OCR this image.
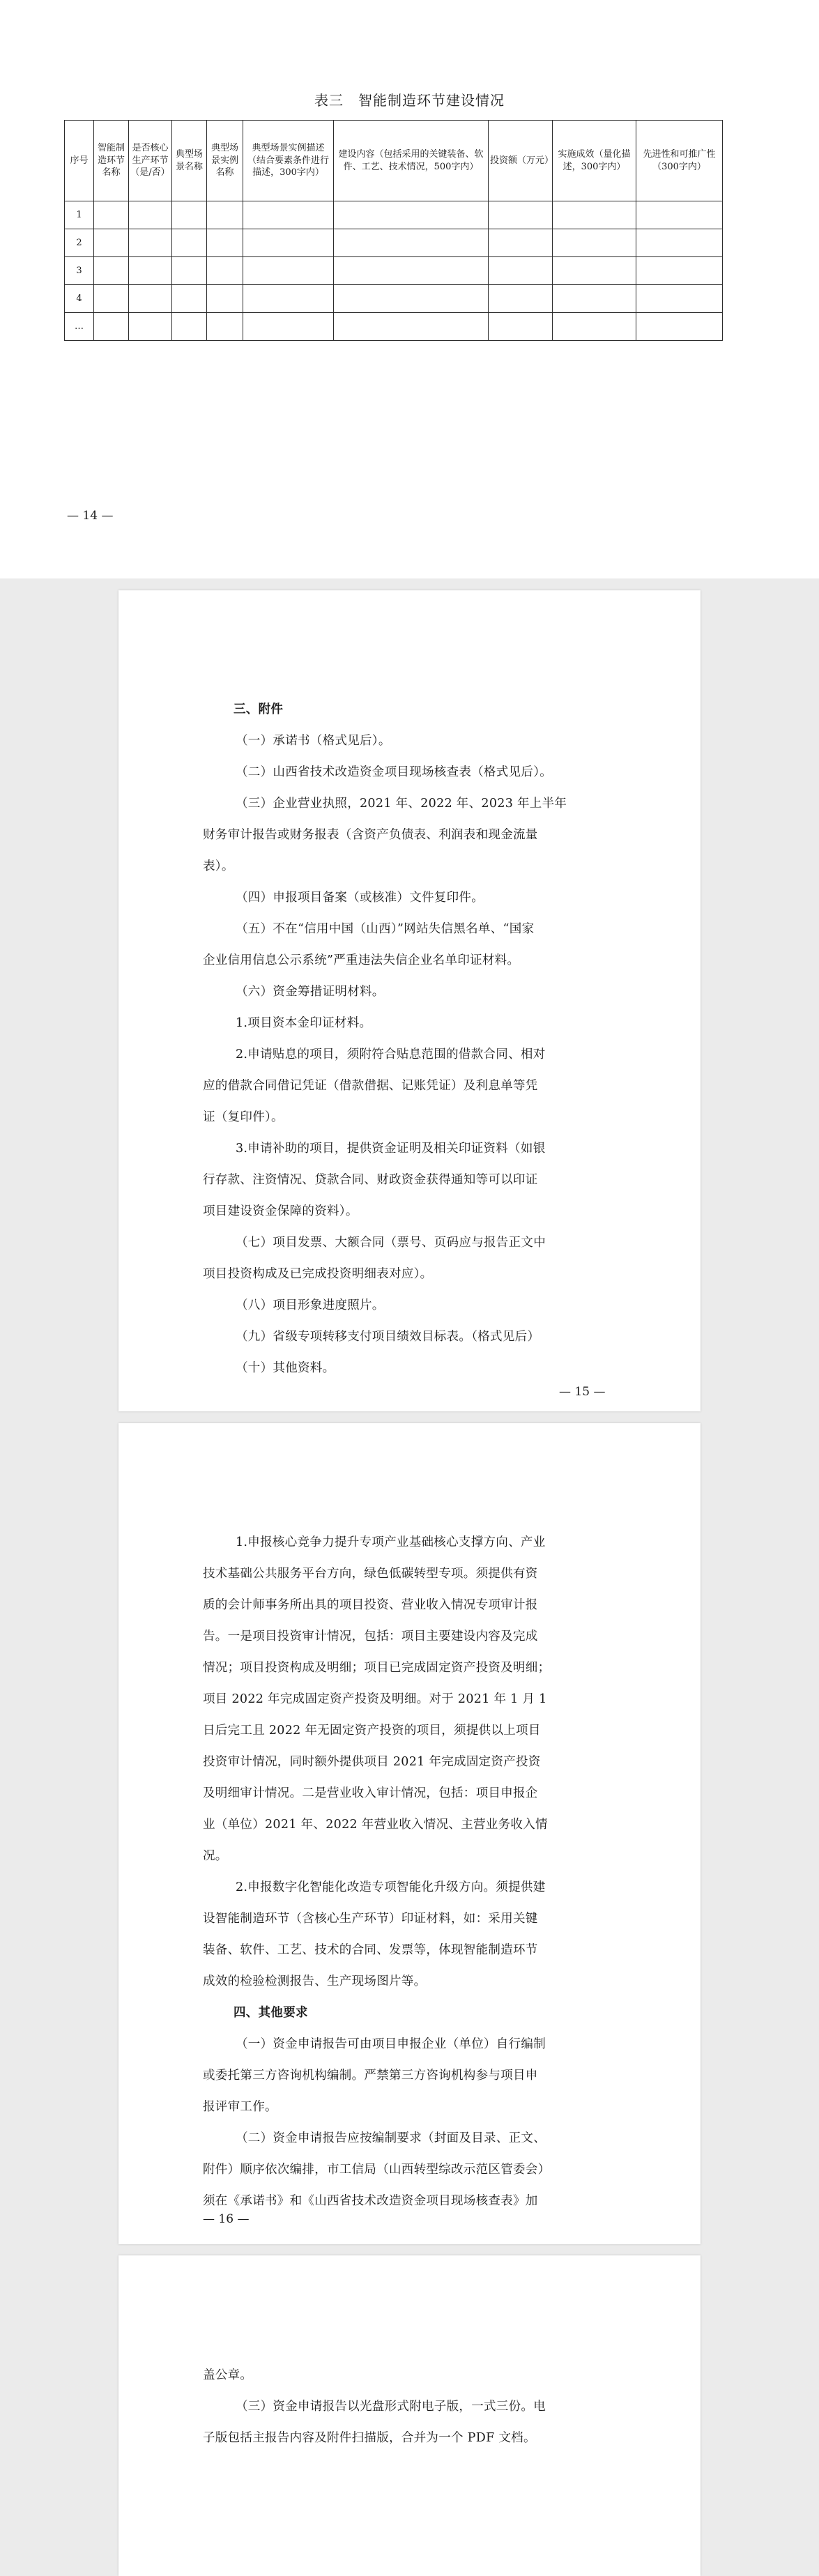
表三　智能制造环节建设情况
序号	智能制造环节名称	是否核心生产环节（是/否）	典型场景名称	典型场景实例名称	典型场景实例描述（结合要素条件进行描述，300字内）	建设内容（包括采用的关键装备、软件、工艺、技术情况，500字内）	投资额（万元）	实施成效（量化描述，300字内）	先进性和可推广性（300字内）
1									
2									
3									
4									
…									
— 14 —
三、附件
（一）承诺书（格式见后）。
（二）山西省技术改造资金项目现场核查表（格式见后）。
（三）企业营业执照，2021 年、2022 年、2023 年上半年
财务审计报告或财务报表（含资产负债表、利润表和现金流量
表）。
（四）申报项目备案（或核准）文件复印件。
（五）不在“信用中国（山西）”网站失信黑名单、“国家
企业信用信息公示系统”严重违法失信企业名单印证材料。
（六）资金筹措证明材料。
1.项目资本金印证材料。
2.申请贴息的项目，须附符合贴息范围的借款合同、相对
应的借款合同借记凭证（借款借据、记账凭证）及利息单等凭
证（复印件）。
3.申请补助的项目，提供资金证明及相关印证资料（如银
行存款、注资情况、贷款合同、财政资金获得通知等可以印证
项目建设资金保障的资料）。
（七）项目发票、大额合同（票号、页码应与报告正文中
项目投资构成及已完成投资明细表对应）。
（八）项目形象进度照片。
（九）省级专项转移支付项目绩效目标表。（格式见后）
（十）其他资料。
— 15 —
1.申报核心竞争力提升专项产业基础核心支撑方向、产业
技术基础公共服务平台方向，绿色低碳转型专项。须提供有资
质的会计师事务所出具的项目投资、营业收入情况专项审计报
告。一是项目投资审计情况，包括：项目主要建设内容及完成
情况；项目投资构成及明细；项目已完成固定资产投资及明细；
项目 2022 年完成固定资产投资及明细。对于 2021 年 1 月 1
日后完工且 2022 年无固定资产投资的项目，须提供以上项目
投资审计情况，同时额外提供项目 2021 年完成固定资产投资
及明细审计情况。二是营业收入审计情况，包括：项目申报企
业（单位）2021 年、2022 年营业收入情况、主营业务收入情
况。
2.申报数字化智能化改造专项智能化升级方向。须提供建
设智能制造环节（含核心生产环节）印证材料，如：采用关键
装备、软件、工艺、技术的合同、发票等，体现智能制造环节
成效的检验检测报告、生产现场图片等。
四、其他要求
（一）资金申请报告可由项目申报企业（单位）自行编制
或委托第三方咨询机构编制。严禁第三方咨询机构参与项目申
报评审工作。
（二）资金申请报告应按编制要求（封面及目录、正文、
附件）顺序依次编排，市工信局（山西转型综改示范区管委会）
须在《承诺书》和《山西省技术改造资金项目现场核查表》加
— 16 —
盖公章。
（三）资金申请报告以光盘形式附电子版，一式三份。电
子版包括主报告内容及附件扫描版，合并为一个 PDF 文档。
